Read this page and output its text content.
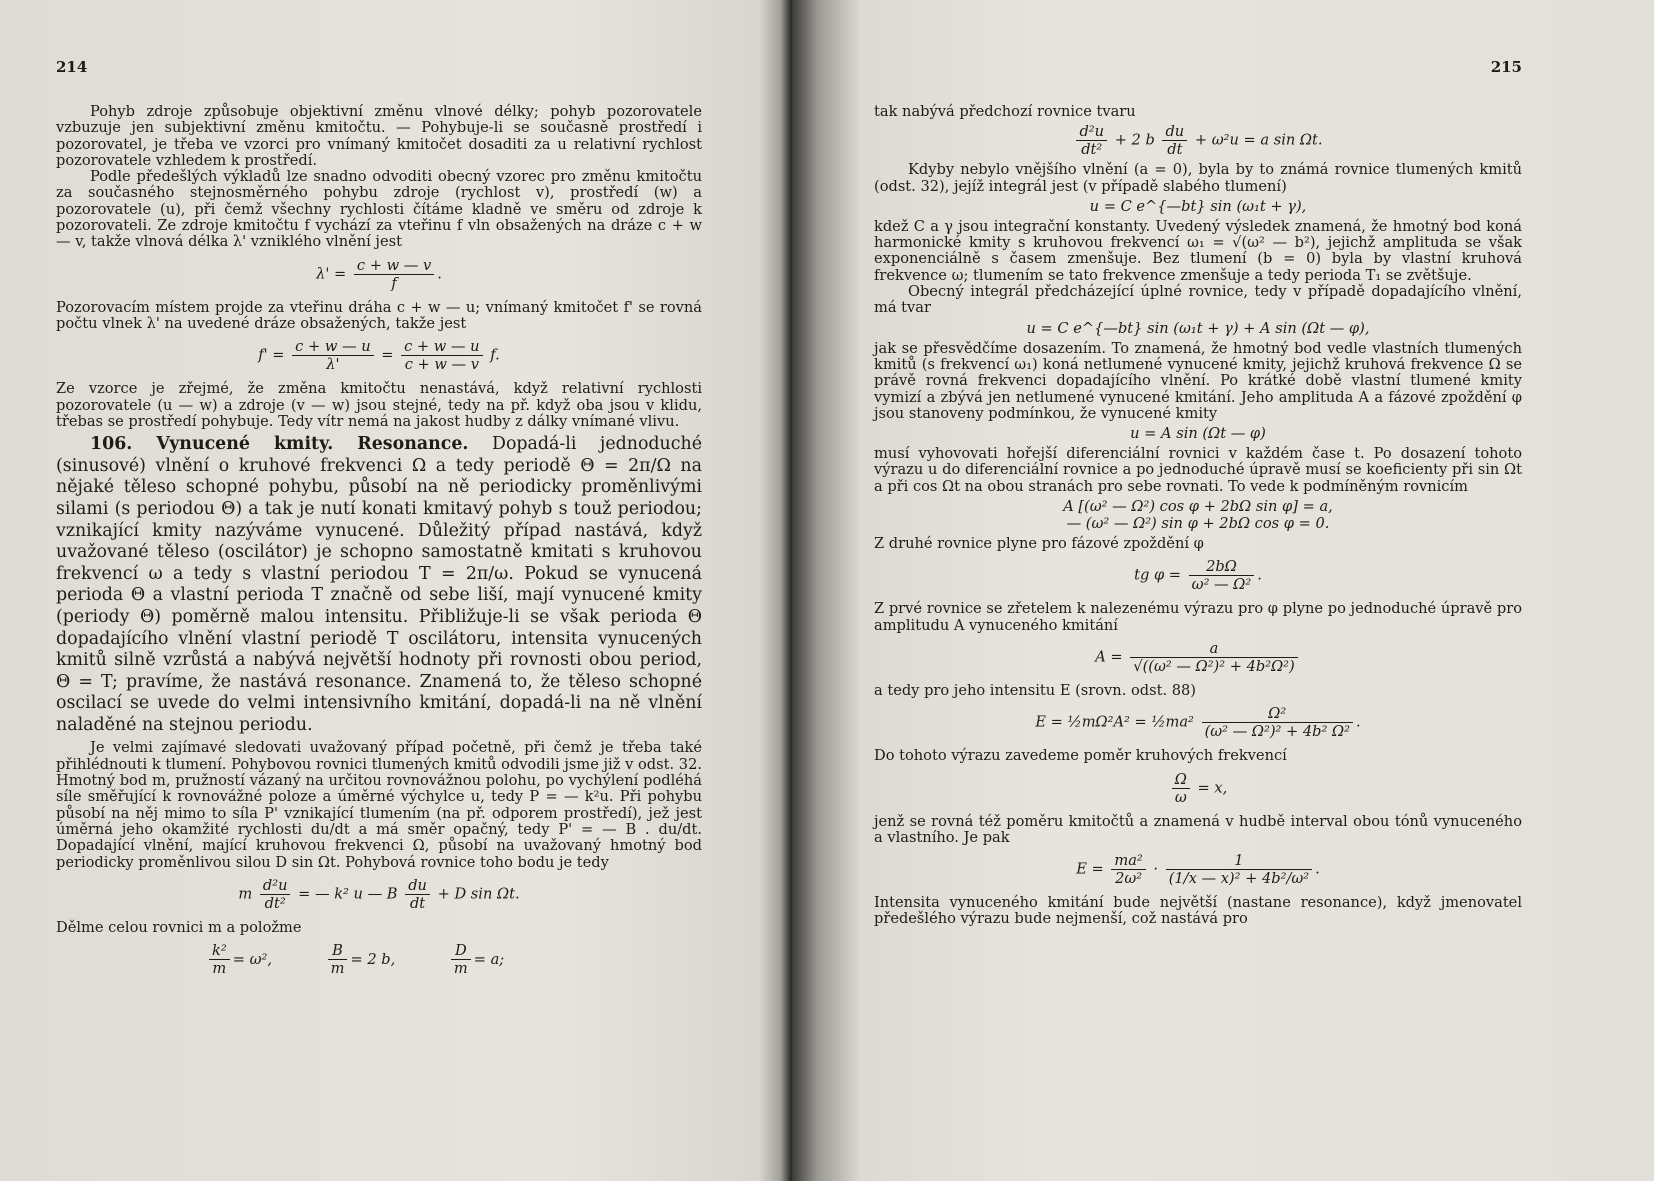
214

Pohyb zdroje způsobuje objektivní změnu vlnové délky; pohyb pozorovatele vzbuzuje jen subjektivní změnu kmitočtu. — Pohybuje-li se současně prostředí i pozorovatel, je třeba ve vzorci pro vnímaný kmitočet dosaditi za u relativní rychlost pozorovatele vzhledem k prostředí.

Podle předešlých výkladů lze snadno odvoditi obecný vzorec pro změnu kmitočtu za současného stejnosměrného pohybu zdroje (rychlost v), prostředí (w) a pozorovatele (u), při čemž všechny rychlosti čítáme kladně ve směru od zdroje k pozorovateli. Ze zdroje kmitočtu f vychází za vteřinu f vln obsažených na dráze c + w — v, takže vlnová délka λ' vzniklého vlnění jest

$\lambda' = \frac{c + w — v}{f}$ .

Pozorovacím místem projde za vteřinu dráha c + w — u; vnímaný kmitočet f' se rovná počtu vlnek λ' na uvedené dráze obsažených, takže jest

$f' = \frac{c + w — u}{\lambda'} = \frac{c + w — u}{c + w — v} f$.

Ze vzorce je zřejmé, že změna kmitočtu nenastává, když relativní rychlosti pozorovatele (u — w) a zdroje (v — w) jsou stejné, tedy na př. když oba jsou v klidu, třebas se prostředí pohybuje. Tedy vítr nemá na jakost hudby z dálky vnímané vlivu.

106. Vynucené kmity. Resonance. Dopadá-li jednoduché (sinusové) vlnění o kruhové frekvenci Ω a tedy periodě Θ = 2π/Ω na nějaké těleso schopné pohybu, působí na ně periodicky proměnlivými silami (s periodou Θ) a tak je nutí konati kmitavý pohyb s touž periodou; vznikající kmity nazýváme vynucené. Důležitý případ nastává, když uvažované těleso (oscilátor) je schopno samostatně kmitati s kruhovou frekvencí ω a tedy s vlastní periodou T = 2π/ω. Pokud se vynucená perioda Θ a vlastní perioda T značně od sebe liší, mají vynucené kmity (periody Θ) poměrně malou intensitu. Přibližuje-li se však perioda Θ dopadajícího vlnění vlastní periodě T oscilátoru, intensita vynucených kmitů silně vzrůstá a nabývá největší hodnoty při rovnosti obou period, Θ = T; pravíme, že nastává resonance. Znamená to, že těleso schopné oscilací se uvede do velmi intensivního kmitání, dopadá-li na ně vlnění naladěné na stejnou periodu.

Je velmi zajímavé sledovati uvažovaný případ početně, při čemž je třeba také přihlédnouti k tlumení. Pohybovou rovnici tlumených kmitů odvodili jsme již v odst. 32. Hmotný bod m, pružností vázaný na určitou rovnovážnou polohu, po vychýlení podléhá síle směřující k rovnovážné poloze a úměrné výchylce u, tedy P = — k²u. Při pohybu působí na něj mimo to síla P' vznikající tlumením (na př. odporem prostředí), jež jest úměrná jeho okamžité rychlosti du/dt a má směr opačný, tedy P' = — B . du/dt. Dopadající vlnění, mající kruhovou frekvenci Ω, působí na uvažovaný hmotný bod periodicky proměnlivou silou D sin Ωt. Pohybová rovnice toho bodu je tedy

m $\frac{\text{d²u}}{\text{dt²}}$ = — k² u — B $\frac{du}{dt} + D$ sin Ωt.

Dělme celou rovnici m a položme

$\frac{\text{k²}}{m} = \omega^2$,	$\frac{B}{m} = 2$ b,	$\frac{D}{m} = a$;
215

tak nabývá předchozí rovnice tvaru

$\frac{\text{d²u}}{\text{dt²}} + 2$ b $\frac{du}{dt} + \omega^2u = a$ sin Ωt.

Kdyby nebylo vnějšího vlnění (a = 0), byla by to známá rovnice tlumených kmitů (odst. 32), jejíž integrál jest (v případě slabého tlumení)

u = C e^{—bt} sin (ω₁t + γ),

kdež C a γ jsou integrační konstanty. Uvedený výsledek znamená, že hmotný bod koná harmonické kmity s kruhovou frekvencí ω₁ = √(ω² — b²), jejichž amplituda se však exponenciálně s časem zmenšuje. Bez tlumení (b = 0) byla by vlastní kruhová frekvence ω; tlumením se tato frekvence zmenšuje a tedy perioda T₁ se zvětšuje.

Obecný integrál předcházející úplné rovnice, tedy v případě dopadajícího vlnění, má tvar

u = C e^{—bt} sin (ω₁t + γ) + A sin (Ωt — φ),

jak se přesvědčíme dosazením. To znamená, že hmotný bod vedle vlastních tlumených kmitů (s frekvencí ω₁) koná netlumené vynucené kmity, jejichž kruhová frekvence Ω se právě rovná frekvenci dopadajícího vlnění. Po krátké době vlastní tlumené kmity vymizí a zbývá jen netlumené vynucené kmitání. Jeho amplituda A a fázové zpoždění φ jsou stanoveny podmínkou, že vynucené kmity

u = A sin (Ωt — φ)

musí vyhovovati hořejší diferenciální rovnici v každém čase t. Po dosazení tohoto výrazu u do diferenciální rovnice a po jednoduché úpravě musí se koeficienty při sin Ωt a při cos Ωt na obou stranách pro sebe rovnati. To vede k podmíněným rovnicím

A [(ω² — Ω²) cos φ + 2bΩ sin φ] = a,
— (ω² — Ω²) sin φ + 2bΩ cos φ = 0.

Z druhé rovnice plyne pro fázové zpoždění φ

tg $\varphi = \frac{2b\Omega}{\text{ω² — Ω²}}$ .

Z prvé rovnice se zřetelem k nalezenému výrazu pro φ plyne po jednoduché úpravě pro amplitudu A vynuceného kmitání

$A = \frac{a}{\text{√((ω² — Ω²)² + 4b²Ω²)}}$

a tedy pro jeho intensitu E (srovn. odst. 88)

E = ½mΩ²A² = ½ma² $\frac{\text{Ω²}}{\text{(ω² — Ω²)² + 4b² Ω²}}$ .

Do tohoto výrazu zavedeme poměr kruhových frekvencí

$\frac{\Omega}{\omega} = x$,

jenž se rovná též poměru kmitočtů a znamená v hudbě interval obou tónů vynuceného a vlastního. Je pak

$E = \frac{\text{ma²}}{\text{2ω²}} \cdot \frac{1}{\text{(1/x — x)² + 4b²/ω²}}$ .

Intensita vynuceného kmitání bude největší (nastane resonance), když jmenovatel předešlého výrazu bude nejmenší, což nastává pro
